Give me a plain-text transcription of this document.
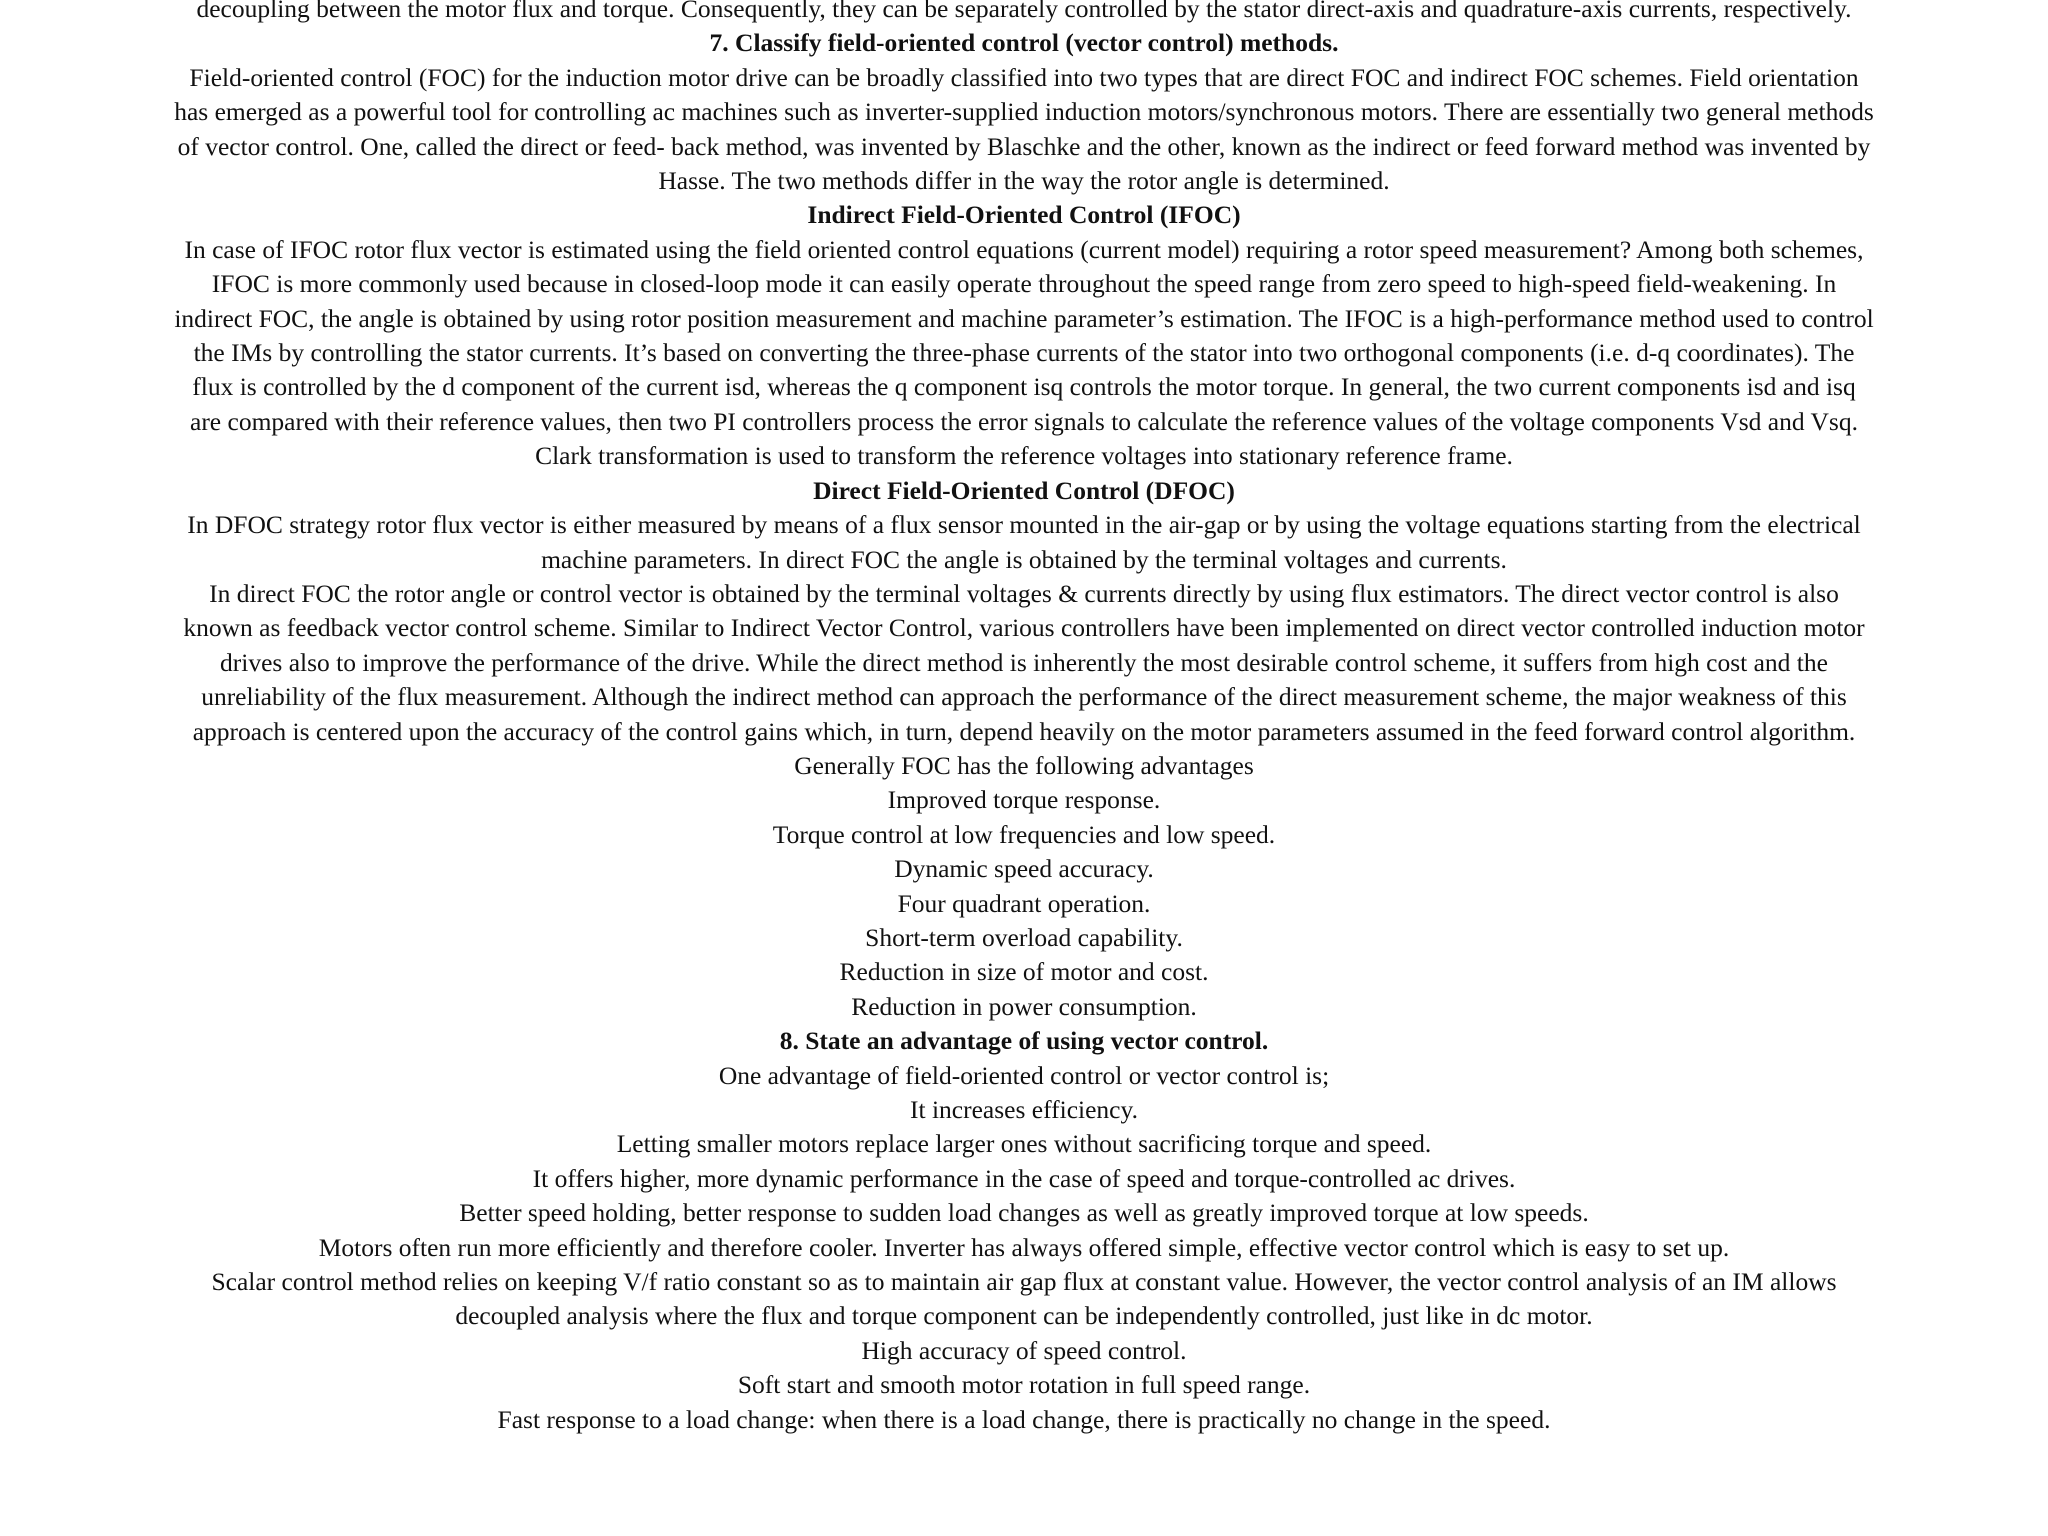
decoupling between the motor flux and torque. Consequently, they can be separately controlled by the stator direct-axis and quadrature-axis currents, respectively.

7. Classify field-oriented control (vector control) methods.

Field-oriented control (FOC) for the induction motor drive can be broadly classified into two types that are direct FOC and indirect FOC schemes. Field orientation has emerged as a powerful tool for controlling ac machines such as inverter-supplied induction motors/synchronous motors. There are essentially two general methods of vector control. One, called the direct or feed- back method, was invented by Blaschke and the other, known as the indirect or feed forward method was invented by Hasse. The two methods differ in the way the rotor angle is determined.

Indirect Field-Oriented Control (IFOC)

In case of IFOC rotor flux vector is estimated using the field oriented control equations (current model) requiring a rotor speed measurement? Among both schemes, IFOC is more commonly used because in closed-loop mode it can easily operate throughout the speed range from zero speed to high-speed field-weakening. In indirect FOC, the angle is obtained by using rotor position measurement and machine parameter’s estimation. The IFOC is a high-performance method used to control the IMs by controlling the stator currents. It’s based on converting the three-phase currents of the stator into two orthogonal components (i.e. d-q coordinates). The flux is controlled by the d component of the current isd, whereas the q component isq controls the motor torque. In general, the two current components isd and isq are compared with their reference values, then two PI controllers process the error signals to calculate the reference values of the voltage components Vsd and Vsq. Clark transformation is used to transform the reference voltages into stationary reference frame.

Direct Field-Oriented Control (DFOC)

In DFOC strategy rotor flux vector is either measured by means of a flux sensor mounted in the air-gap or by using the voltage equations starting from the electrical machine parameters. In direct FOC the angle is obtained by the terminal voltages and currents.

In direct FOC the rotor angle or control vector is obtained by the terminal voltages & currents directly by using flux estimators. The direct vector control is also known as feedback vector control scheme. Similar to Indirect Vector Control, various controllers have been implemented on direct vector controlled induction motor drives also to improve the performance of the drive. While the direct method is inherently the most desirable control scheme, it suffers from high cost and the unreliability of the flux measurement. Although the indirect method can approach the performance of the direct measurement scheme, the major weakness of this approach is centered upon the accuracy of the control gains which, in turn, depend heavily on the motor parameters assumed in the feed forward control algorithm.

Generally FOC has the following advantages

Improved torque response.

Torque control at low frequencies and low speed.

Dynamic speed accuracy.

Four quadrant operation.

Short-term overload capability.

Reduction in size of motor and cost.

Reduction in power consumption.

8. State an advantage of using vector control.

One advantage of field-oriented control or vector control is;

It increases efficiency.

Letting smaller motors replace larger ones without sacrificing torque and speed.

It offers higher, more dynamic performance in the case of speed and torque-controlled ac drives.

Better speed holding, better response to sudden load changes as well as greatly improved torque at low speeds.

Motors often run more efficiently and therefore cooler. Inverter has always offered simple, effective vector control which is easy to set up.

Scalar control method relies on keeping V/f ratio constant so as to maintain air gap flux at constant value. However, the vector control analysis of an IM allows decoupled analysis where the flux and torque component can be independently controlled, just like in dc motor.

High accuracy of speed control.

Soft start and smooth motor rotation in full speed range.

Fast response to a load change: when there is a load change, there is practically no change in the speed.
